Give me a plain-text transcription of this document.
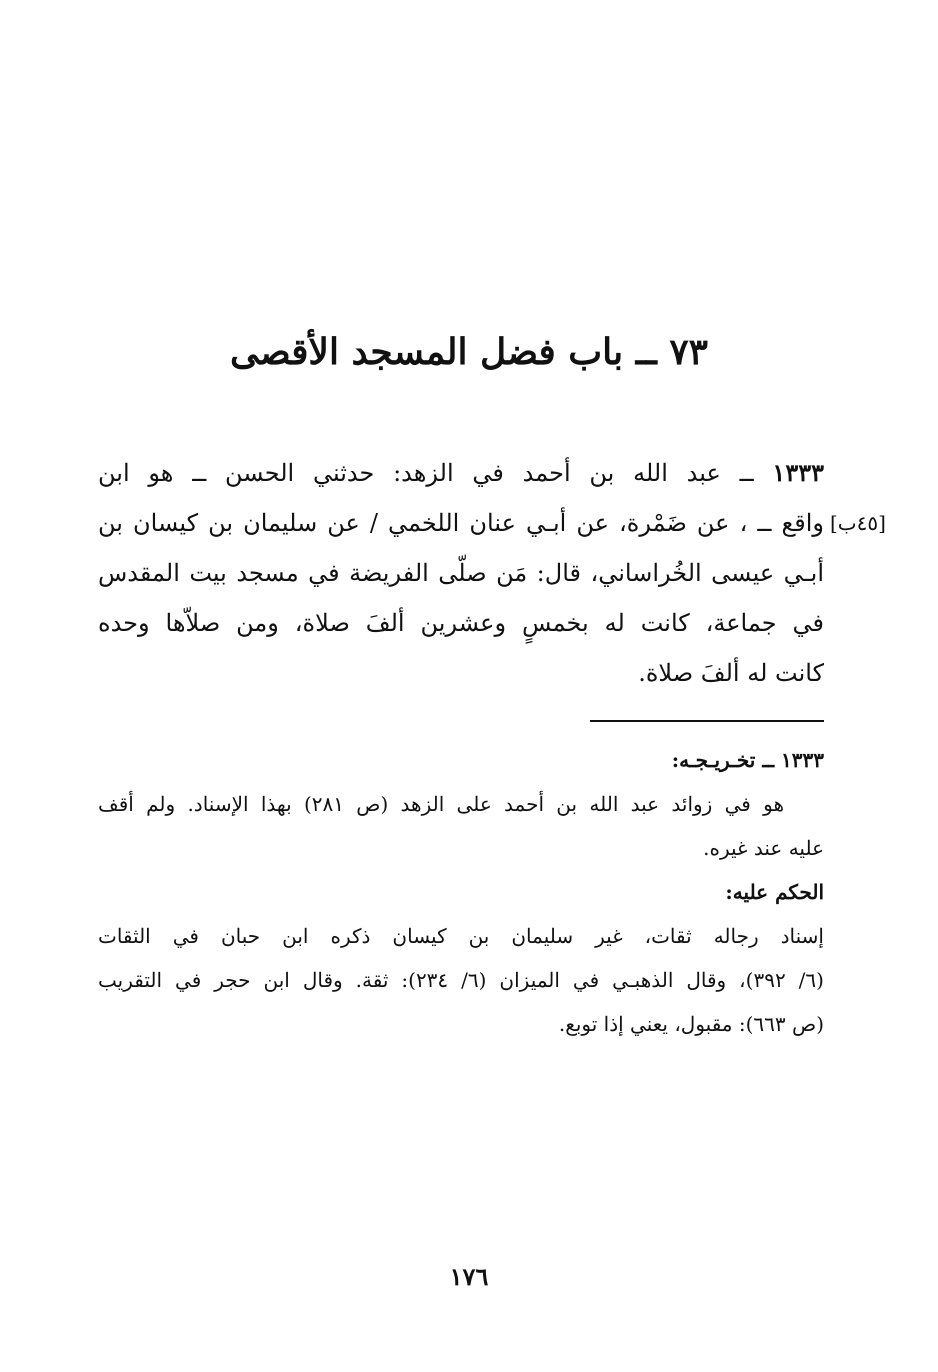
٧٣ ــ باب فضل المسجد الأقصى
١٣٣٣ ــ عبد الله بن أحمد في الزهد: حدثني الحسن ــ هو ابن
واقع ــ ، عن ضَمْرة، عن أبـي عنان اللخمي / عن سليمان بن كيسان بن
أبـي عيسى الخُراساني، قال: مَن صلّى الفريضة في مسجد بيت المقدس
في جماعة، كانت له بخمسٍ وعشرين ألفَ صلاة، ومن صلاّها وحده
كانت له ألفَ صلاة.
[٤٥ب]
١٣٣٣ ــ تخـريـجـه:
هو في زوائد عبد الله بن أحمد على الزهد (ص ٢٨١) بهذا الإسناد. ولم أقف
عليه عند غيره.
الحكم عليه:
إسناد رجاله ثقات، غير سليمان بن كيسان ذكره ابن حبان في الثقات
(٦/ ٣٩٢)، وقال الذهبـي في الميزان (٦/ ٢٣٤): ثقة. وقال ابن حجر في التقريب
(ص ٦٦٣): مقبول، يعني إذا توبع.
١٧٦
